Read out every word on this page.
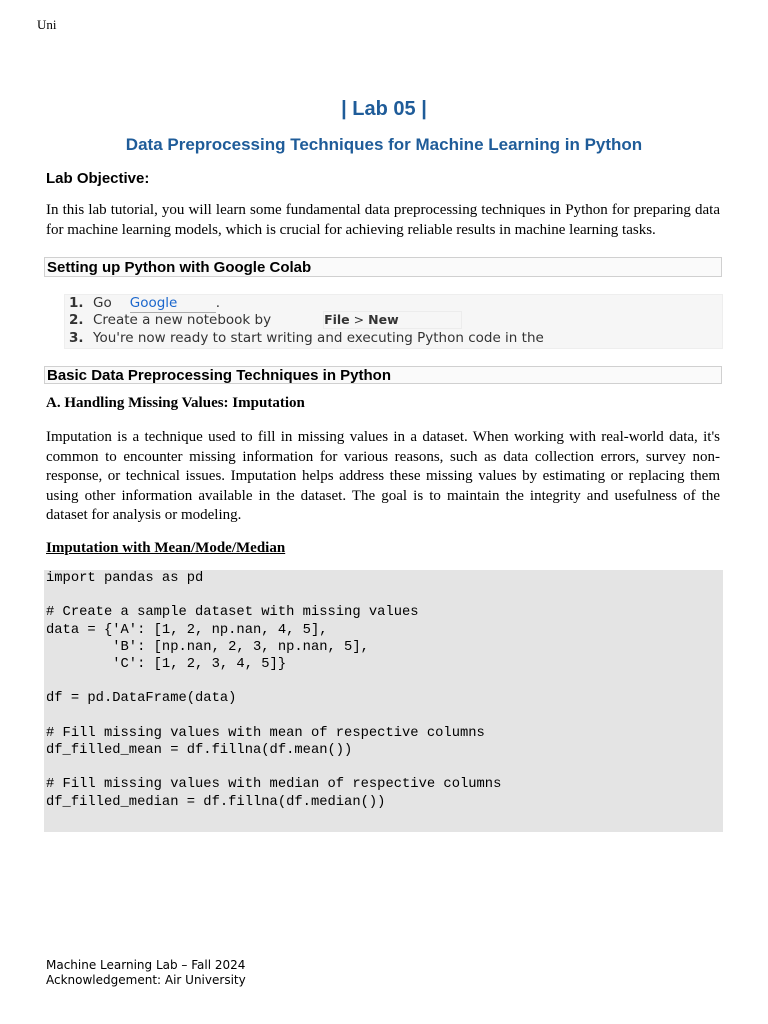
Uni
| Lab 05 |
Data Preprocessing Techniques for Machine Learning in Python
Lab Objective:
In this lab tutorial, you will learn some fundamental data preprocessing techniques in Python for preparing data for machine learning models, which is crucial for achieving reliable results in machine learning tasks.
Setting up Python with Google Colab
1. Go Google	.
2. Create a new notebook by	File > New
3. You're now ready to start writing and executing Python code in the
Basic Data Preprocessing Techniques in Python
A. Handling Missing Values: Imputation
Imputation is a technique used to fill in missing values in a dataset. When working with real-world data, it's common to encounter missing information for various reasons, such as data collection errors, survey non-response, or technical issues. Imputation helps address these missing values by estimating or replacing them using other information available in the dataset. The goal is to maintain the integrity and usefulness of the dataset for analysis or modeling.
Imputation with Mean/Mode/Median
import pandas as pd

# Create a sample dataset with missing values
data = {'A': [1, 2, np.nan, 4, 5],
'B': [np.nan, 2, 3, np.nan, 5],
'C': [1, 2, 3, 4, 5]}

df = pd.DataFrame(data)

# Fill missing values with mean of respective columns
df_filled_mean = df.fillna(df.mean())

# Fill missing values with median of respective columns
df_filled_median = df.fillna(df.median())
Machine Learning Lab – Fall 2024
Acknowledgement: Air University
